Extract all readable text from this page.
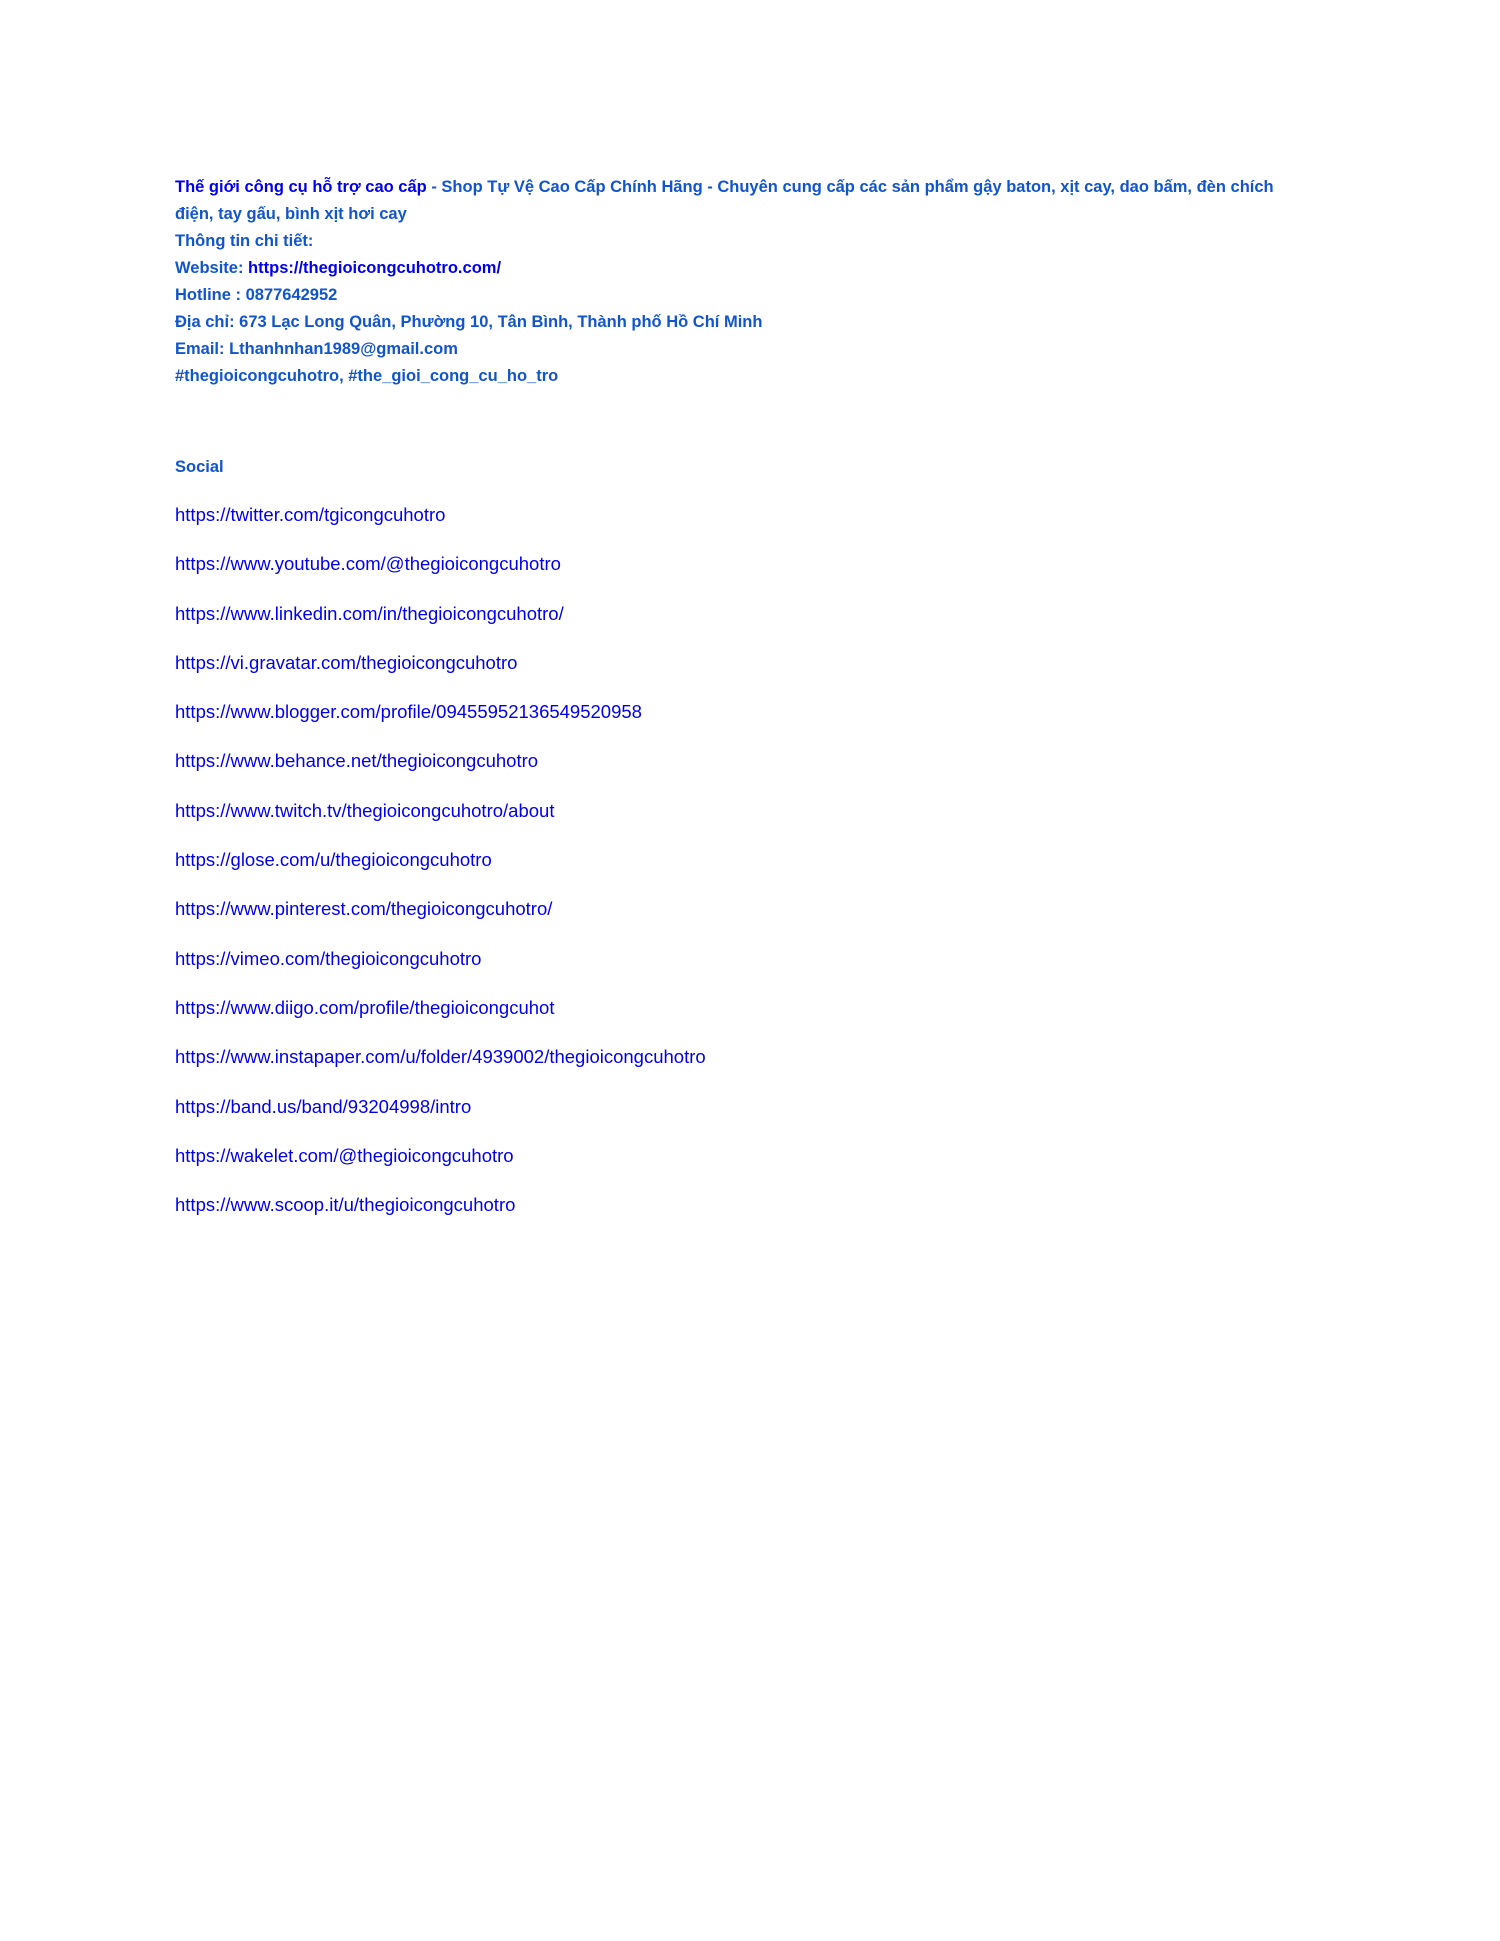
Thế giới công cụ hỗ trợ cao cấp - Shop Tự Vệ Cao Cấp Chính Hãng - Chuyên cung cấp các sản phẩm gậy baton, xịt cay, dao bấm, đèn chích điện, tay gấu, bình xịt hơi cay
Thông tin chi tiết:
Website: https://thegioicongcuhotro.com/
Hotline : 0877642952
Địa chỉ: 673 Lạc Long Quân, Phường 10, Tân Bình, Thành phố Hồ Chí Minh
Email: Lthanhnhan1989@gmail.com
#thegioicongcuhotro, #the_gioi_cong_cu_ho_tro
Social
https://twitter.com/tgicongcuhotro
https://www.youtube.com/@thegioicongcuhotro
https://www.linkedin.com/in/thegioicongcuhotro/
https://vi.gravatar.com/thegioicongcuhotro
https://www.blogger.com/profile/09455952136549520958
https://www.behance.net/thegioicongcuhotro
https://www.twitch.tv/thegioicongcuhotro/about
https://glose.com/u/thegioicongcuhotro
https://www.pinterest.com/thegioicongcuhotro/
https://vimeo.com/thegioicongcuhotro
https://www.diigo.com/profile/thegioicongcuhot
https://www.instapaper.com/u/folder/4939002/thegioicongcuhotro
https://band.us/band/93204998/intro
https://wakelet.com/@thegioicongcuhotro
https://www.scoop.it/u/thegioicongcuhotro
